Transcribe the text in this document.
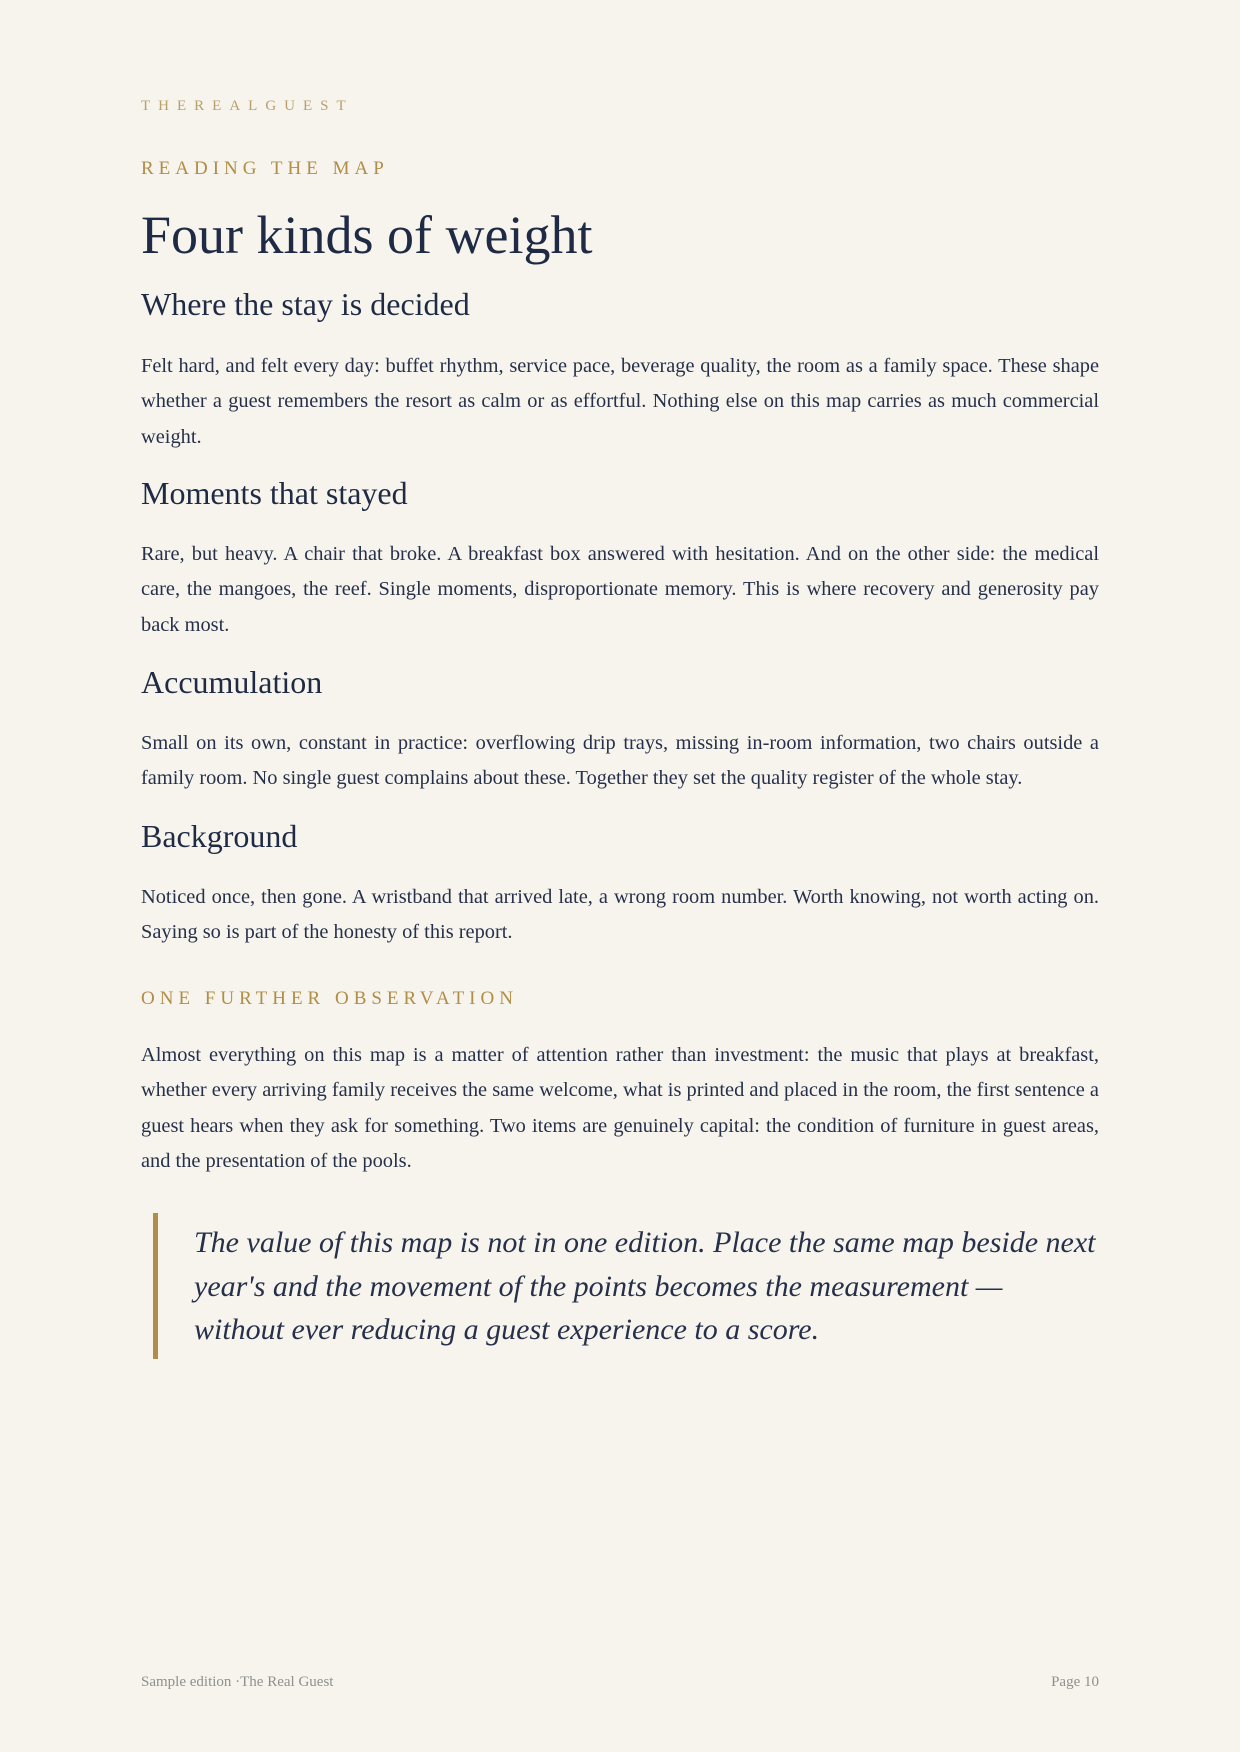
THEREALGUEST
READING THE MAP
Four kinds of weight
Where the stay is decided

Felt hard, and felt every day: buffet rhythm, service pace, beverage quality, the room as a family space. These shape whether a guest remembers the resort as calm or as effortful. Nothing else on this map carries as much commercial weight.

Moments that stayed

Rare, but heavy. A chair that broke. A breakfast box answered with hesitation. And on the other side: the medical care, the mangoes, the reef. Single moments, disproportionate memory. This is where recovery and generosity pay back most.

Accumulation

Small on its own, constant in practice: overflowing drip trays, missing in-room information, two chairs outside a family room. No single guest complains about these. Together they set the quality register of the whole stay.

Background

Noticed once, then gone. A wristband that arrived late, a wrong room number. Worth knowing, not worth acting on. Saying so is part of the honesty of this report.

ONE FURTHER OBSERVATION

Almost everything on this map is a matter of attention rather than investment: the music that plays at breakfast, whether every arriving family receives the same welcome, what is printed and placed in the room, the first sentence a guest hears when they ask for something. Two items are genuinely capital: the condition of furniture in guest areas, and the presentation of the pools.

The value of this map is not in one edition. Place the same map beside next year's and the movement of the points becomes the measurement — without ever reducing a guest experience to a score.

Sample edition ·The Real Guest	Page 10
